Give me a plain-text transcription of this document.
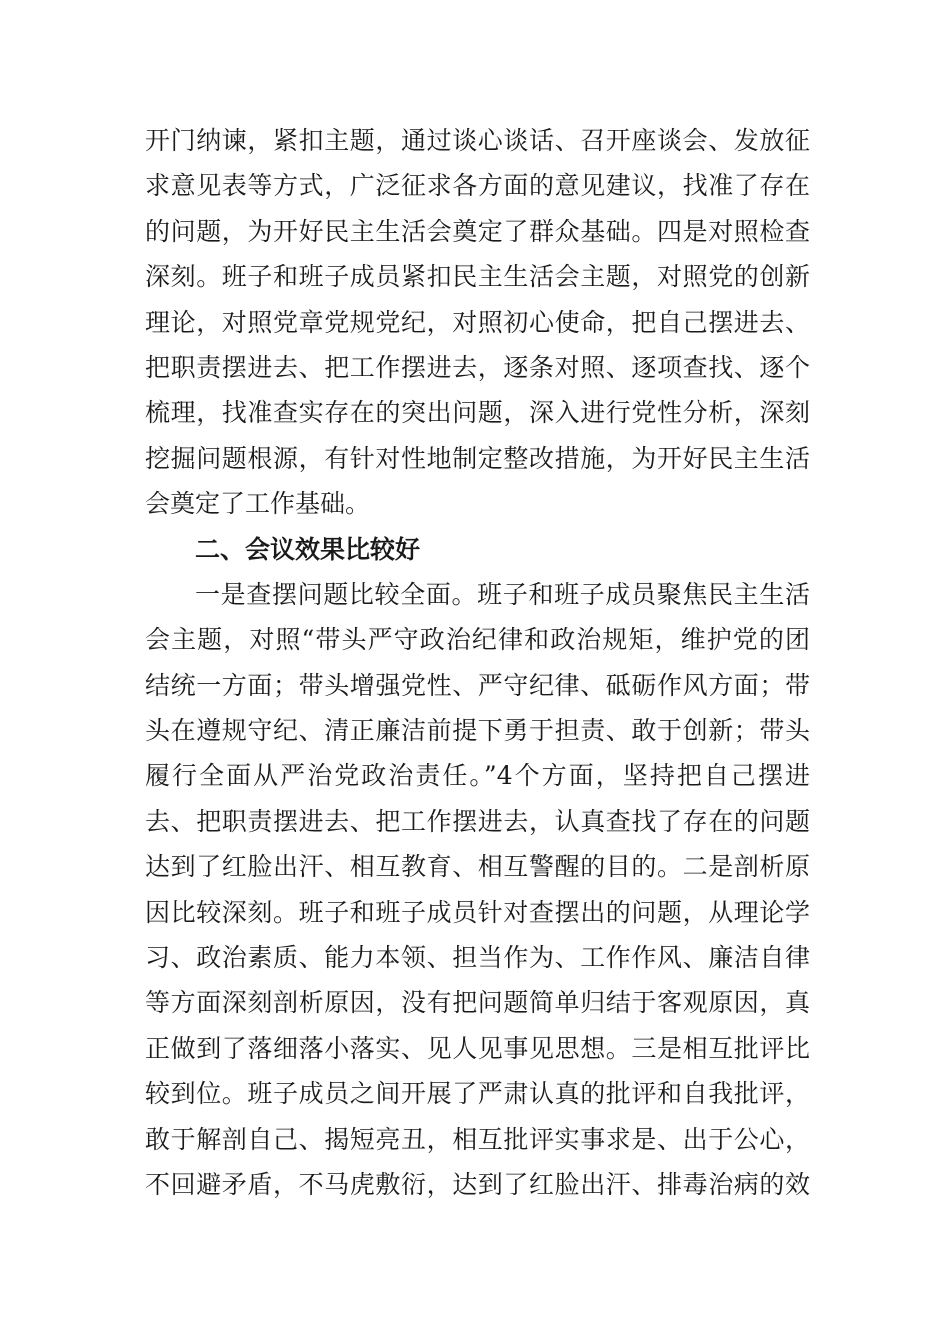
开门纳谏，紧扣主题，通过谈心谈话、召开座谈会、发放征
求意见表等方式，广泛征求各方面的意见建议，找准了存在
的问题，为开好民主生活会奠定了群众基础。四是对照检查
深刻。班子和班子成员紧扣民主生活会主题，对照党的创新
理论，对照党章党规党纪，对照初心使命，把自己摆进去、
把职责摆进去、把工作摆进去，逐条对照、逐项查找、逐个
梳理，找准查实存在的突出问题，深入进行党性分析，深刻
挖掘问题根源，有针对性地制定整改措施，为开好民主生活
会奠定了工作基础。
二、会议效果比较好
一是查摆问题比较全面。班子和班子成员聚焦民主生活
会主题，对照“带头严守政治纪律和政治规矩，维护党的团
结统一方面；带头增强党性、严守纪律、砥砺作风方面；带
头在遵规守纪、清正廉洁前提下勇于担责、敢于创新；带头
履行全面从严治党政治责任。”4个方面，坚持把自己摆进
去、把职责摆进去、把工作摆进去，认真查找了存在的问题
达到了红脸出汗、相互教育、相互警醒的目的。二是剖析原
因比较深刻。班子和班子成员针对查摆出的问题，从理论学
习、政治素质、能力本领、担当作为、工作作风、廉洁自律
等方面深刻剖析原因，没有把问题简单归结于客观原因，真
正做到了落细落小落实、见人见事见思想。三是相互批评比
较到位。班子成员之间开展了严肃认真的批评和自我批评，
敢于解剖自己、揭短亮丑，相互批评实事求是、出于公心，
不回避矛盾，不马虎敷衍，达到了红脸出汗、排毒治病的效
